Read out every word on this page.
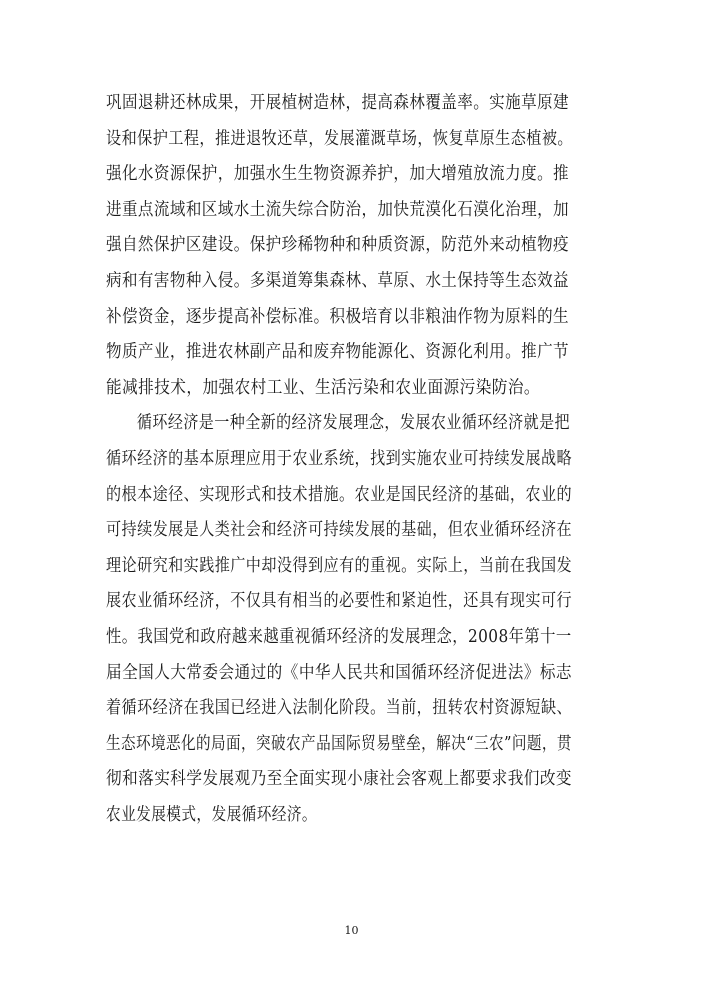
巩固退耕还林成果，开展植树造林，提高森林覆盖率。实施草原建
设和保护工程，推进退牧还草，发展灌溉草场，恢复草原生态植被。
强化水资源保护，加强水生生物资源养护，加大增殖放流力度。推
进重点流域和区域水土流失综合防治，加快荒漠化石漠化治理，加
强自然保护区建设。保护珍稀物种和种质资源，防范外来动植物疫
病和有害物种入侵。多渠道筹集森林、草原、水土保持等生态效益
补偿资金，逐步提高补偿标准。积极培育以非粮油作物为原料的生
物质产业，推进农林副产品和废弃物能源化、资源化利用。推广节
能减排技术，加强农村工业、生活污染和农业面源污染防治。
　　循环经济是一种全新的经济发展理念，发展农业循环经济就是把
循环经济的基本原理应用于农业系统，找到实施农业可持续发展战略
的根本途径、实现形式和技术措施。农业是国民经济的基础，农业的
可持续发展是人类社会和经济可持续发展的基础，但农业循环经济在
理论研究和实践推广中却没得到应有的重视。实际上，当前在我国发
展农业循环经济，不仅具有相当的必要性和紧迫性，还具有现实可行
性。我国党和政府越来越重视循环经济的发展理念，2008年第十一
届全国人大常委会通过的《中华人民共和国循环经济促进法》标志
着循环经济在我国已经进入法制化阶段。当前，扭转农村资源短缺、
生态环境恶化的局面，突破农产品国际贸易壁垒，解决“三农”问题，贯
彻和落实科学发展观乃至全面实现小康社会客观上都要求我们改变
农业发展模式，发展循环经济。
10
